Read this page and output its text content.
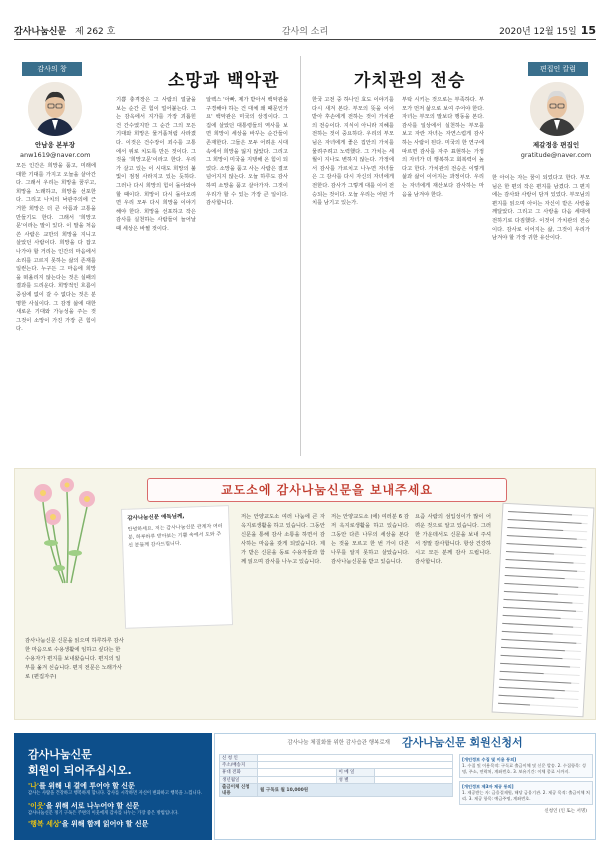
감사나눔신문 제 262 호	감사의 소리	2020년 12월 15일 15
감사의 창
안남웅 본부장
anw1619@naver.com
소망과 백악관

모든 인간은 희망을 품고, 미래에 대한 기대를 가지고 오늘을 살아간다. 그래서 우리는 희망을 꿈꾸고, 희망을 노래하고, 희망을 선포한다. 그리고 나치의 낙관주의에 근거한 희망은 더 큰 아픔과 고통을 만들기도 한다. 그래서 '희망고문'이라는 말이 있다. 이 말을 처음 쓴 사람은 교만의 희망을 지니고 살았던 사람이다. 희망을 다 잡고 나가야 할 거리는 인간의 마음에서 소리를 고르지 못하는 삶의 존재를 일컫는다. 누구든 그 마음에 희망을 떠올리지 않는다는 것은 실패의 결과를 드리운다. 희망적인 흐름이 중심에 없이 갈 수 없다는 것은 분명한 사실이다. 그 감정 삶에 대한 새로운 기대와 가능성을 주는 것 그것이 소망이 가진 가장 큰 힘이다.

기쁨 충격장은 그 사람의 얼굴을 보는 순간 큰 힘이 얼어붙는다. 그는 감옥에서 지가를 가장 괴롭힌 건 간수였지만 그 순간 그의 모든 기대와 희망은 물거품처럼 사라졌다. 이것은 건수장이 죄수를 고통에서 위로 치도록 만든 것이다. 그것을 '희망고문'이라고 한다. 우리가 살고 있는 이 시대도 희망의 불빛이 점점 사라지고 있는 듯하다. 그러나 다시 희망의 힘이 돌아와야 할 때이다. 희망이 다시 돌아오려면 우리 모두 다시 희망을 이야기해야 한다. 희망을 선포하고 작은 감사를 실천하는 사람들이 늘어날 때 세상은 바뀔 것이다.

알렉스 '아빠, 제가 받아서 백악관을 구경해야 하는 건 대체 왜 때문인가요' 백악관은 미국의 상징이다. 그 집에 살았던 대통령들의 역사를 보면 희망이 세상을 바꾸는 순간들이 존재한다. 그들은 모두 어려운 시대 속에서 희망을 잃지 않았다. 그리고 그 희망이 미국을 지탱해 온 힘이 되었다. 소망을 품고 사는 사람은 결코 넘어지지 않는다. 오늘 하루도 감사하며 소망을 품고 살아가자. 그것이 우리가 할 수 있는 가장 큰 일이다. 감사합니다.

편집인 칼럼
제갈정웅 편집인
gratitude@naver.com
가치관의 전승

한국 고전 중 하나인 효도 이야기를 다시 새겨 본다. 부모의 뜻을 이어 받아 후손에게 전하는 것이 가치관의 전승이다. 지식이 아니라 지혜를 전하는 것이 중요하다. 우리의 부모님은 자녀에게 좋은 집안의 가치를 물려주려고 노력했다. 그 가치는 세월이 지나도 변하지 않는다. 가정에서 감사를 가르치고 나누면 자녀들은 그 감사를 다시 자신의 자녀에게 전한다. 감사가 그렇게 대를 이어 전승되는 것이다. 오늘 우리는 어떤 가치를 남기고 있는가.

부탁 시키는 것으로는 부족하다. 부모가 먼저 삶으로 보여 주어야 한다. 자녀는 부모의 말보다 행동을 본다. 감사를 일상에서 실천하는 부모를 보고 자란 자녀는 자연스럽게 감사하는 사람이 된다. 미국의 한 연구에 따르면 감사를 자주 표현하는 가정의 자녀가 더 행복하고 회복력이 높다고 한다. 가치관의 전승은 이렇게 삶과 삶이 이어지는 과정이다. 우리는 자녀에게 재산보다 감사하는 마음을 남겨야 한다.

한 아이는 자는 꿈이 되었다고 한다. 부모님은 한 편의 작은 편지를 남겼다. 그 편지에는 감사와 사랑이 담겨 있었다. 부모님의 편지를 읽으며 아이는 자신이 받은 사랑을 깨달았다. 그리고 그 사랑을 다음 세대에 전하기로 다짐했다. 이것이 가치관의 전승이다. 감사로 이어지는 삶, 그것이 우리가 남겨야 할 가장 귀한 유산이다.

교도소에 감사나눔신문을 보내주세요
감사나눔신문 애독님께,
안녕하세요. 저는 감사나눔신문 관계자 여러분, 하루하루 받아보는 기쁨 속에서 도와 주신 분들께 감사드립니다.
감사나눔신문 신문을 읽으며 하루하루 감사한 마음으로 수용생활에 임하고 싶다는 한 수용자가 편지를 보내왔습니다. 편지의 일부를 옮겨 싣습니다. 편지 전문은 노래가사로 (편집자주)
저는 안양교도소 여러 나눔에 큰 자 옥지로생활을 하고 있습니다. 그동안 신문을 통해 감사 소통을 하면서 감사하는 마음을 갖게 되었습니다. 제가 받은 신문을 동료 수용자들과 함께 읽으며 감사를 나누고 있습니다.
저는 안양교도소 (에) 여러분 6 감 저 옥지로생활을 하고 있습니다. 그동안 다른 나무의 세상을 본다는 것을 모르고 한 번 가이 다른 나무를 알지 못하고 살았습니다. 감사나눔신문을 받고 있습니다.
요즘 사람의 섬입성이가 많이 어려운 것으로 알고 있습니다. 그러한 가운데서도 신문을 보내 주셔서 정말 감사합니다. 항상 건강하시고 모든 분께 감사 드립니다. 감사합니다.
감사나눔신문
회원이 되어주십시오.
'나'를 위해 내 곁에 투어야 할 신문
감사는 사람을 건강하고 행복하게 합니다. 감사를 시작하면 자신이 변화하고 행복을 느낍니다.
'이웃'을 위해 서로 나누어야 할 신문
감사나눔신문 정기 구독은 주변의 이웃에게 감사를 나누는 가장 좋은 방법입니다.
'행복 세상'을 위해 함께 읽어야 할 신문
감사나눔 체질화를 위한 감사습관 행복로재 감사나눔신문 회원신청서
신 청 인			
주소/배송지			
휴대 전화		이 메 일	
생년월일		성 별	
출금이체 신청 내용	월 구독료 월 10,000원		
[개인정보 수집 및 이용 동의]
1. 수집 및 이용목적: 구독료 출금이체 및 신문 발송. 2. 수집항목: 성명, 주소, 연락처, 계좌번호. 3. 보유기간: 이체 종료 시까지.
[개인정보 제3자 제공 동의]
1. 제공받는 자: 금융결제원, 해당 금융기관. 2. 제공 목적: 출금이체 처리. 3. 제공 항목: 예금주명, 계좌번호.
신청인 (인 또는 서명)
